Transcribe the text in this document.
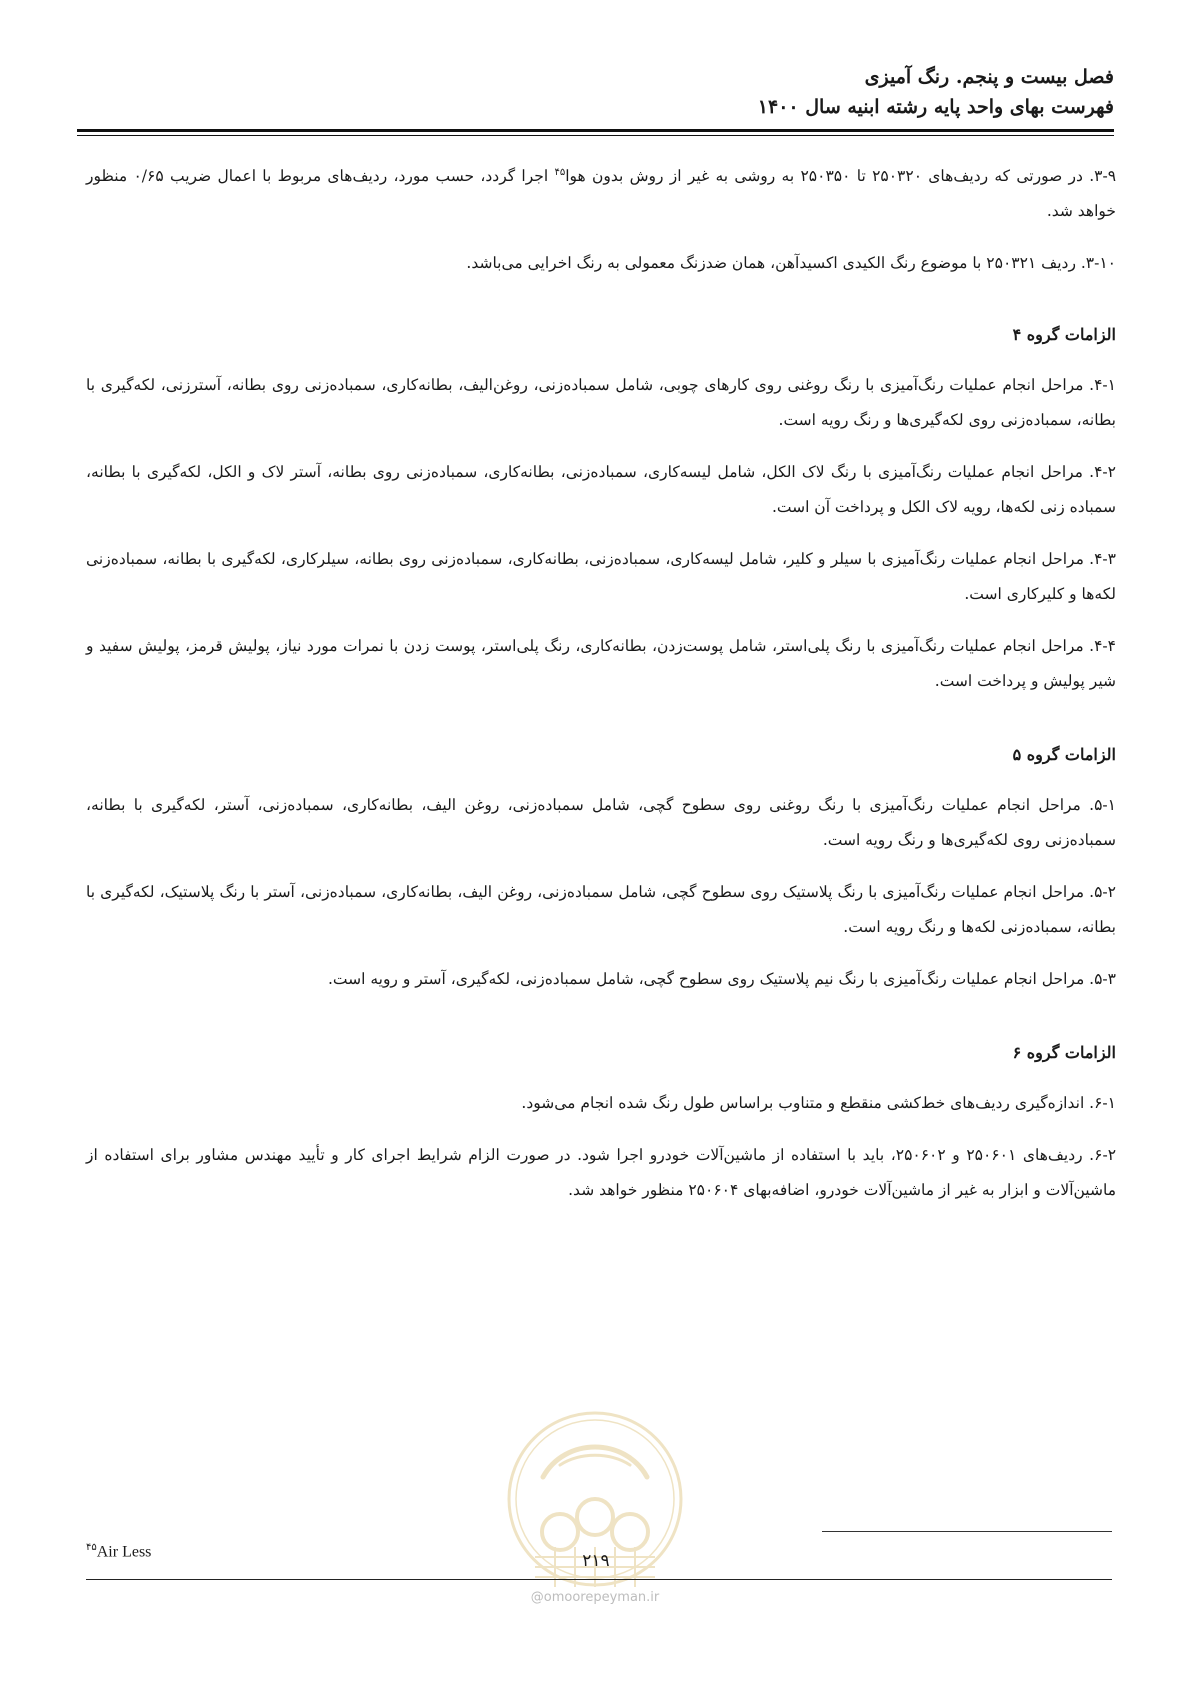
فصل بیست و پنجم. رنگ آمیزی
فهرست بهای واحد پایه رشته ابنیه سال ۱۴۰۰

۳-۹. در صورتی که ردیف‌های ۲۵۰۳۲۰ تا ۲۵۰۳۵۰ به روشی به غیر از روش بدون هوا$^{۴۵}$ اجرا گردد، حسب مورد، ردیف‌های مربوط با اعمال ضریب ۰/۶۵ منظور خواهد شد.

۳-۱۰. ردیف ۲۵۰۳۲۱ با موضوع رنگ الکیدی اکسیدآهن، همان ضدزنگ معمولی به رنگ اخرایی می‌باشد.

الزامات گروه ۴

۴-۱. مراحل انجام عملیات رنگ‌آمیزی با رنگ روغنی روی کارهای چوبی، شامل سمباده‌زنی، روغن‌الیف، بطانه‌کاری، سمباده‌زنی روی بطانه، آسترزنی، لکه‌گیری با بطانه، سمباده‌زنی روی لکه‌گیری‌ها و رنگ رویه است.

۴-۲. مراحل انجام عملیات رنگ‌آمیزی با رنگ لاک الکل، شامل لیسه‌کاری، سمباده‌زنی، بطانه‌کاری، سمباده‌زنی روی بطانه، آستر لاک و الکل، لکه‌گیری با بطانه، سمباده زنی لکه‌ها، رویه لاک الکل و پرداخت آن است.

۴-۳. مراحل انجام عملیات رنگ‌آمیزی با سیلر و کلیر، شامل لیسه‌کاری، سمباده‌زنی، بطانه‌کاری، سمباده‌زنی روی بطانه، سیلرکاری، لکه‌گیری با بطانه، سمباده‌زنی لکه‌ها و کلیرکاری است.

۴-۴. مراحل انجام عملیات رنگ‌آمیزی با رنگ پلی‌استر، شامل پوست‌زدن، بطانه‌کاری، رنگ پلی‌استر، پوست زدن با نمرات مورد نیاز، پولیش قرمز، پولیش سفید و شیر پولیش و پرداخت است.

الزامات گروه ۵

۵-۱. مراحل انجام عملیات رنگ‌آمیزی با رنگ روغنی روی سطوح گچی، شامل سمباده‌زنی، روغن الیف، بطانه‌کاری، سمباده‌زنی، آستر، لکه‌گیری با بطانه، سمباده‌زنی روی لکه‌گیری‌ها و رنگ رویه است.

۵-۲. مراحل انجام عملیات رنگ‌آمیزی با رنگ پلاستیک روی سطوح گچی، شامل سمباده‌زنی، روغن الیف، بطانه‌کاری، سمباده‌زنی، آستر با رنگ پلاستیک، لکه‌گیری با بطانه، سمباده‌زنی لکه‌ها و رنگ رویه است.

۵-۳. مراحل انجام عملیات رنگ‌آمیزی با رنگ نیم پلاستیک روی سطوح گچی، شامل سمباده‌زنی، لکه‌گیری، آستر و رویه است.

الزامات گروه ۶

۶-۱. اندازه‌گیری ردیف‌های خط‌کشی منقطع و متناوب براساس طول رنگ شده انجام می‌شود.

۶-۲. ردیف‌های ۲۵۰۶۰۱ و ۲۵۰۶۰۲، باید با استفاده از ماشین‌آلات خودرو اجرا شود. در صورت الزام شرایط اجرای کار و تأیید مهندس مشاور برای استفاده از ماشین‌آلات و ابزار به غیر از ماشین‌آلات خودرو، اضافه‌بهای ۲۵۰۶۰۴ منظور خواهد شد.

$^{۴۵}$Air Less	۲۱۹
@omoorepeyman.ir
